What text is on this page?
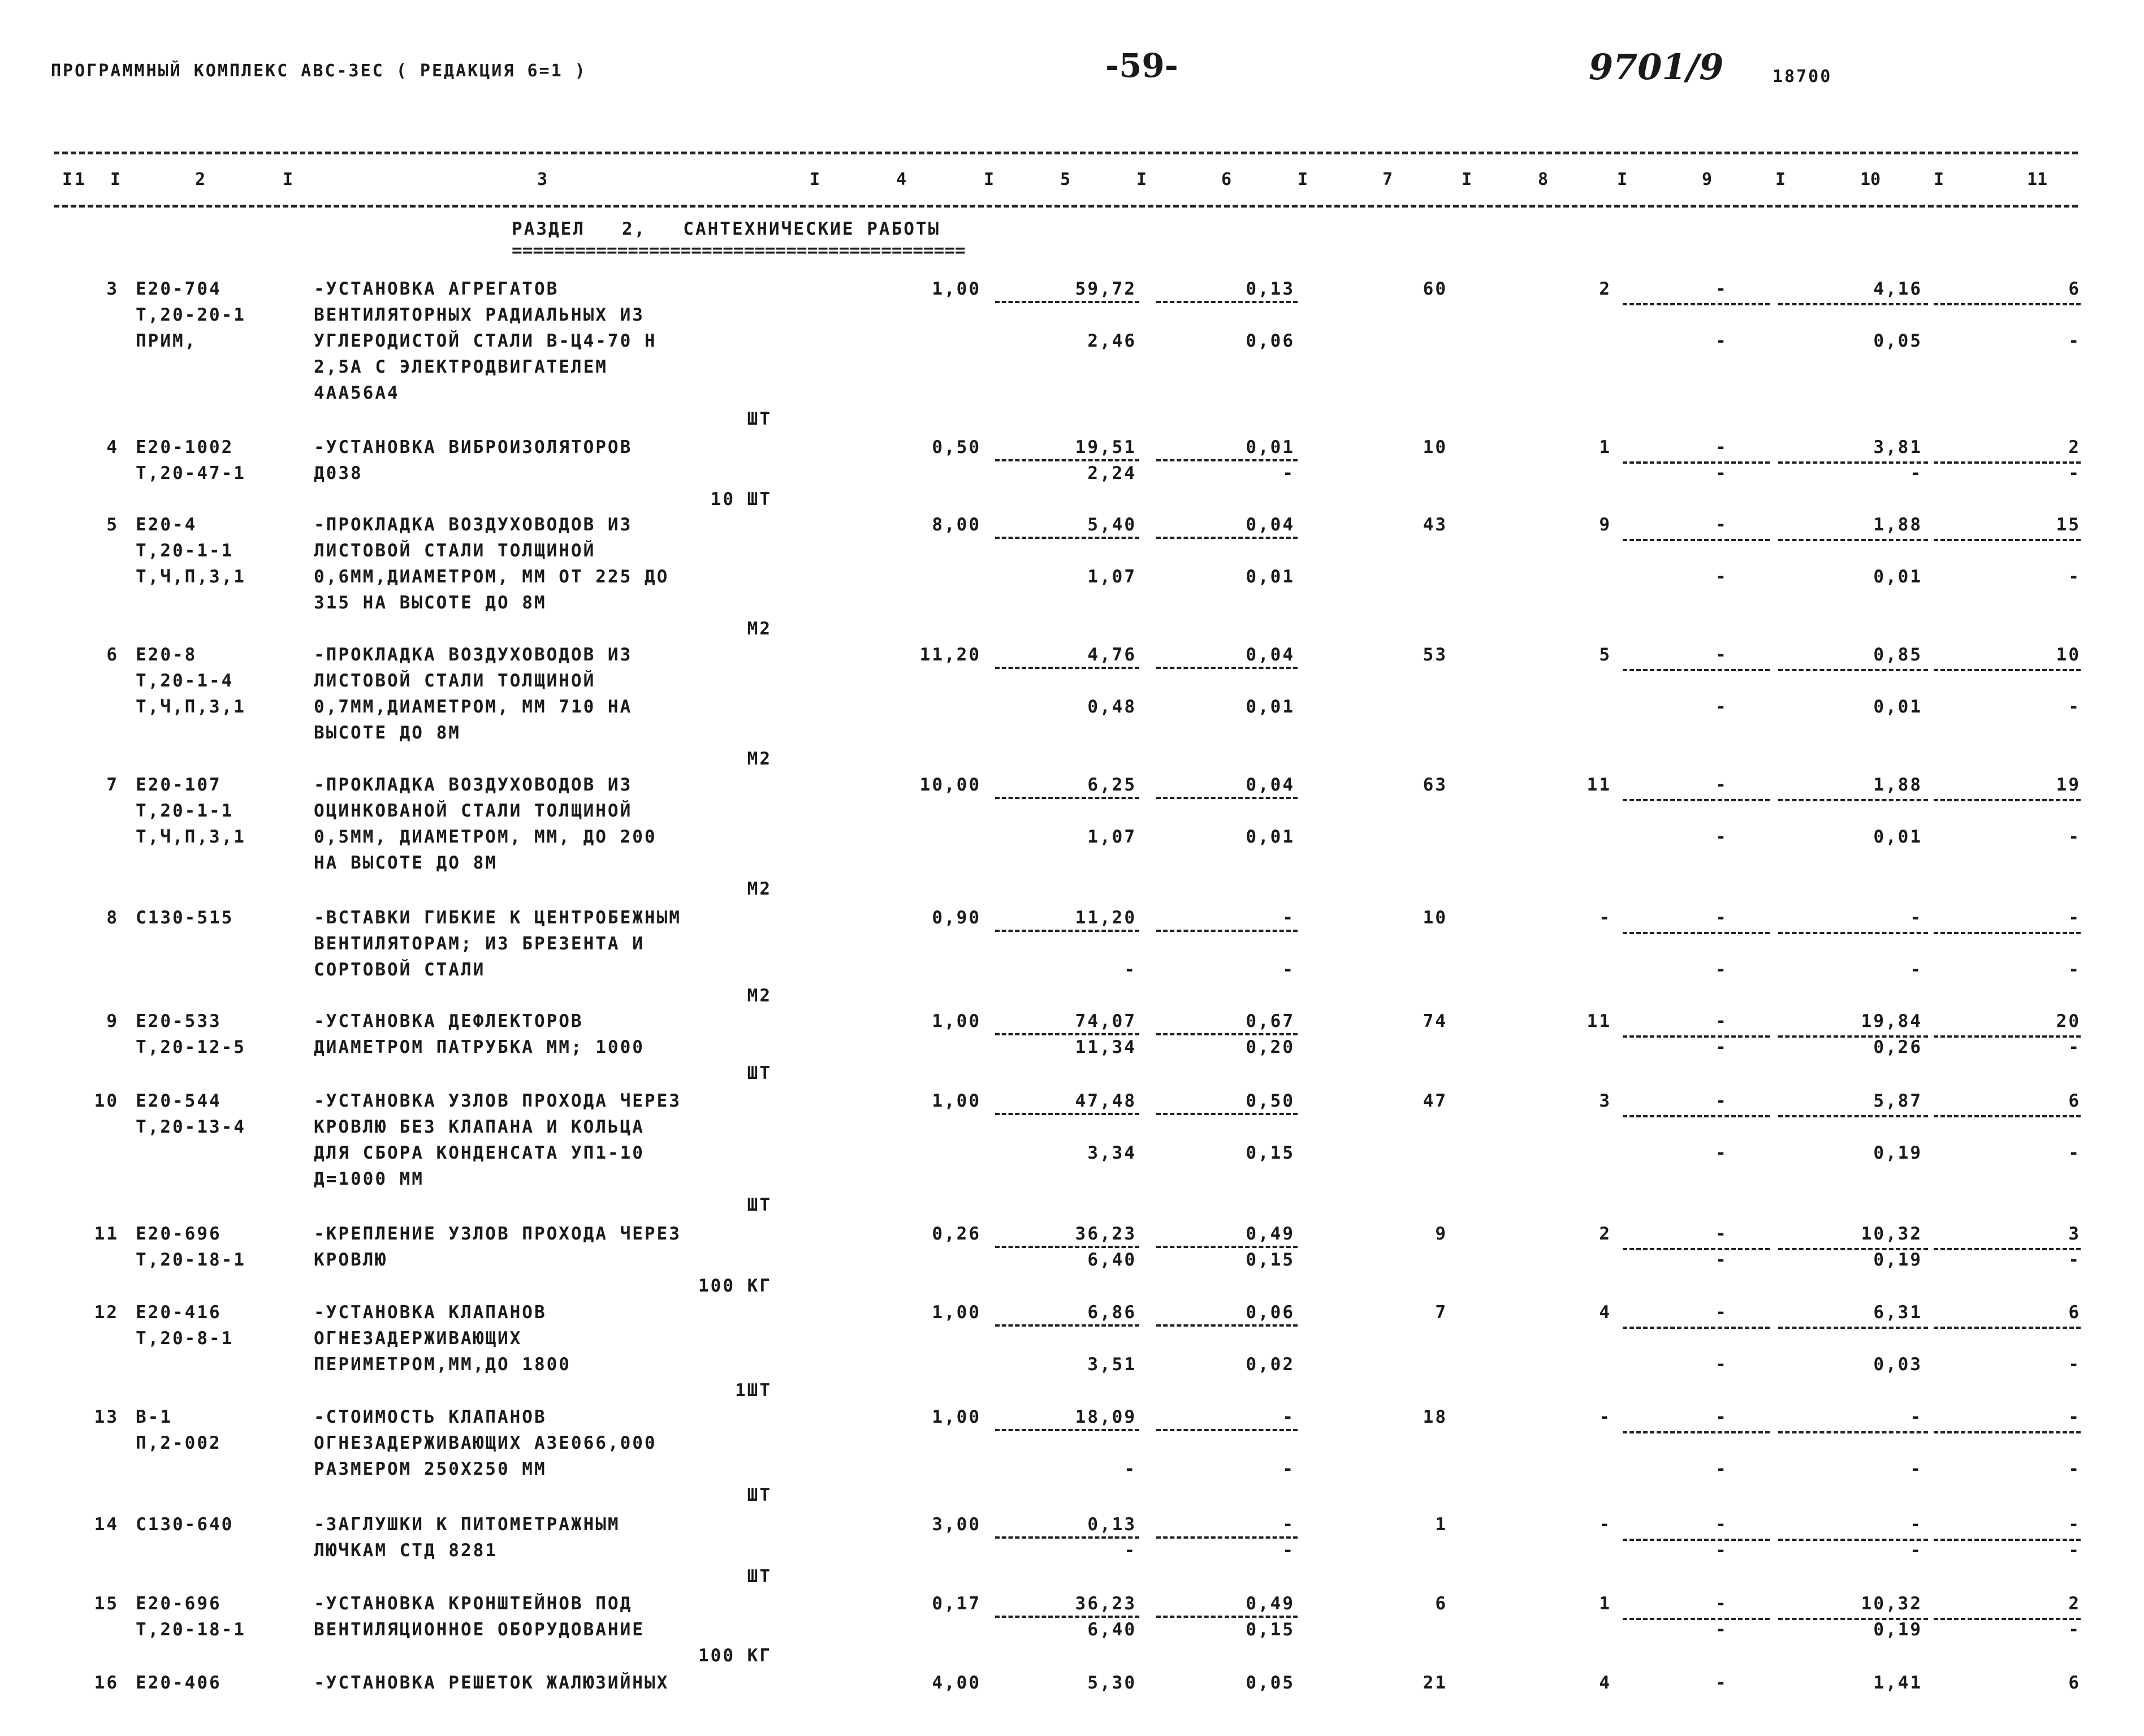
ПРОГРАММНЫЙ КОМПЛЕКС АВС-3ЕС ( РЕДАКЦИЯ 6=1 )	-59-	9701/9	18700
1	2	3	4	5	6	7	8	9	10	11
I I	I	I	I	I	I	I	I	I	I
РАЗДЕЛ   2,   САНТЕХНИЧЕСКИЕ РАБОТЫ
===========================================
3 Е20-704
Т,20-20-1
ПРИМ,
-УСТАНОВКА АГРЕГАТОВ
ВЕНТИЛЯТОРНЫХ РАДИАЛЬНЫХ ИЗ
УГЛЕРОДИСТОЙ СТАЛИ В-Ц4-70 Н
2,5А С ЭЛЕКТРОДВИГАТЕЛЕМ
4АА56А4
ШТ
1,00	59,72	0,13	60	2	-	4,16	6
2,46	0,06	-	0,05	-
4 Е20-1002
Т,20-47-1
-УСТАНОВКА ВИБРОИЗОЛЯТОРОВ
Д038
10 ШТ
0,50	19,51	0,01	10	1	-	3,81	2
2,24	-	-	-	-
5 Е20-4
Т,20-1-1
Т,Ч,П,3,1
-ПРОКЛАДКА ВОЗДУХОВОДОВ ИЗ
ЛИСТОВОЙ СТАЛИ ТОЛЩИНОЙ
0,6ММ,ДИАМЕТРОМ, ММ ОТ 225 ДО
315 НА ВЫСОТЕ ДО 8М
М2
8,00	5,40	0,04	43	9	-	1,88	15
1,07	0,01	-	0,01	-
6 Е20-8
Т,20-1-4
Т,Ч,П,3,1
-ПРОКЛАДКА ВОЗДУХОВОДОВ ИЗ
ЛИСТОВОЙ СТАЛИ ТОЛЩИНОЙ
0,7ММ,ДИАМЕТРОМ, ММ 710 НА
ВЫСОТЕ ДО 8М
М2
11,20	4,76	0,04	53	5	-	0,85	10
0,48	0,01	-	0,01	-
7 Е20-107
Т,20-1-1
Т,Ч,П,3,1
-ПРОКЛАДКА ВОЗДУХОВОДОВ ИЗ
ОЦИНКОВАНОЙ СТАЛИ ТОЛЩИНОЙ
0,5ММ, ДИАМЕТРОМ, ММ, ДО 200
НА ВЫСОТЕ ДО 8М
М2
10,00	6,25	0,04	63	11	-	1,88	19
1,07	0,01	-	0,01	-
8 С130-515	-ВСТАВКИ ГИБКИЕ К ЦЕНТРОБЕЖНЫМ
ВЕНТИЛЯТОРАМ; ИЗ БРЕЗЕНТА И
СОРТОВОЙ СТАЛИ
М2
0,90	11,20	-	10	-	-	-	-
-	-	-	-	-
9 Е20-533
Т,20-12-5
-УСТАНОВКА ДЕФЛЕКТОРОВ
ДИАМЕТРОМ ПАТРУБКА ММ; 1000
ШТ
1,00	74,07	0,67	74	11	-	19,84	20
11,34	0,20	-	0,26	-
10 Е20-544
Т,20-13-4
-УСТАНОВКА УЗЛОВ ПРОХОДА ЧЕРЕЗ
КРОВЛЮ БЕЗ КЛАПАНА И КОЛЬЦА
ДЛЯ СБОРА КОНДЕНСАТА УП1-10
Д=1000 ММ
ШТ
1,00	47,48	0,50	47	3	-	5,87	6
3,34	0,15	-	0,19	-
11 Е20-696
Т,20-18-1
-КРЕПЛЕНИЕ УЗЛОВ ПРОХОДА ЧЕРЕЗ
КРОВЛЮ
100 КГ
0,26	36,23	0,49	9	2	-	10,32	3
6,40	0,15	-	0,19	-
12 Е20-416
Т,20-8-1
-УСТАНОВКА КЛАПАНОВ
ОГНЕЗАДЕРЖИВАЮЩИХ
ПЕРИМЕТРОМ,ММ,ДО 1800
1ШТ
1,00	6,86	0,06	7	4	-	6,31	6
3,51	0,02	-	0,03	-
13 В-1
П,2-002
-СТОИМОСТЬ КЛАПАНОВ
ОГНЕЗАДЕРЖИВАЮЩИХ АЗЕ066,000
РАЗМЕРОМ 250Х250 ММ
ШТ
1,00	18,09	-	18	-	-	-	-
-	-	-	-	-
14 С130-640	-ЗАГЛУШКИ К ПИТОМЕТРАЖНЫМ
ЛЮЧКАМ СТД 8281
ШТ
3,00	0,13	-	1	-	-	-	-
-	-	-	-	-
15 Е20-696
Т,20-18-1
-УСТАНОВКА КРОНШТЕЙНОВ ПОД
ВЕНТИЛЯЦИОННОЕ ОБОРУДОВАНИЕ
100 КГ
0,17	36,23	0,49	6	1	-	10,32	2
6,40	0,15	-	0,19	-
16 Е20-406	-УСТАНОВКА РЕШЕТОК ЖАЛЮЗИЙНЫХ	4,00	5,30	0,05	21	4	-	1,41	6
